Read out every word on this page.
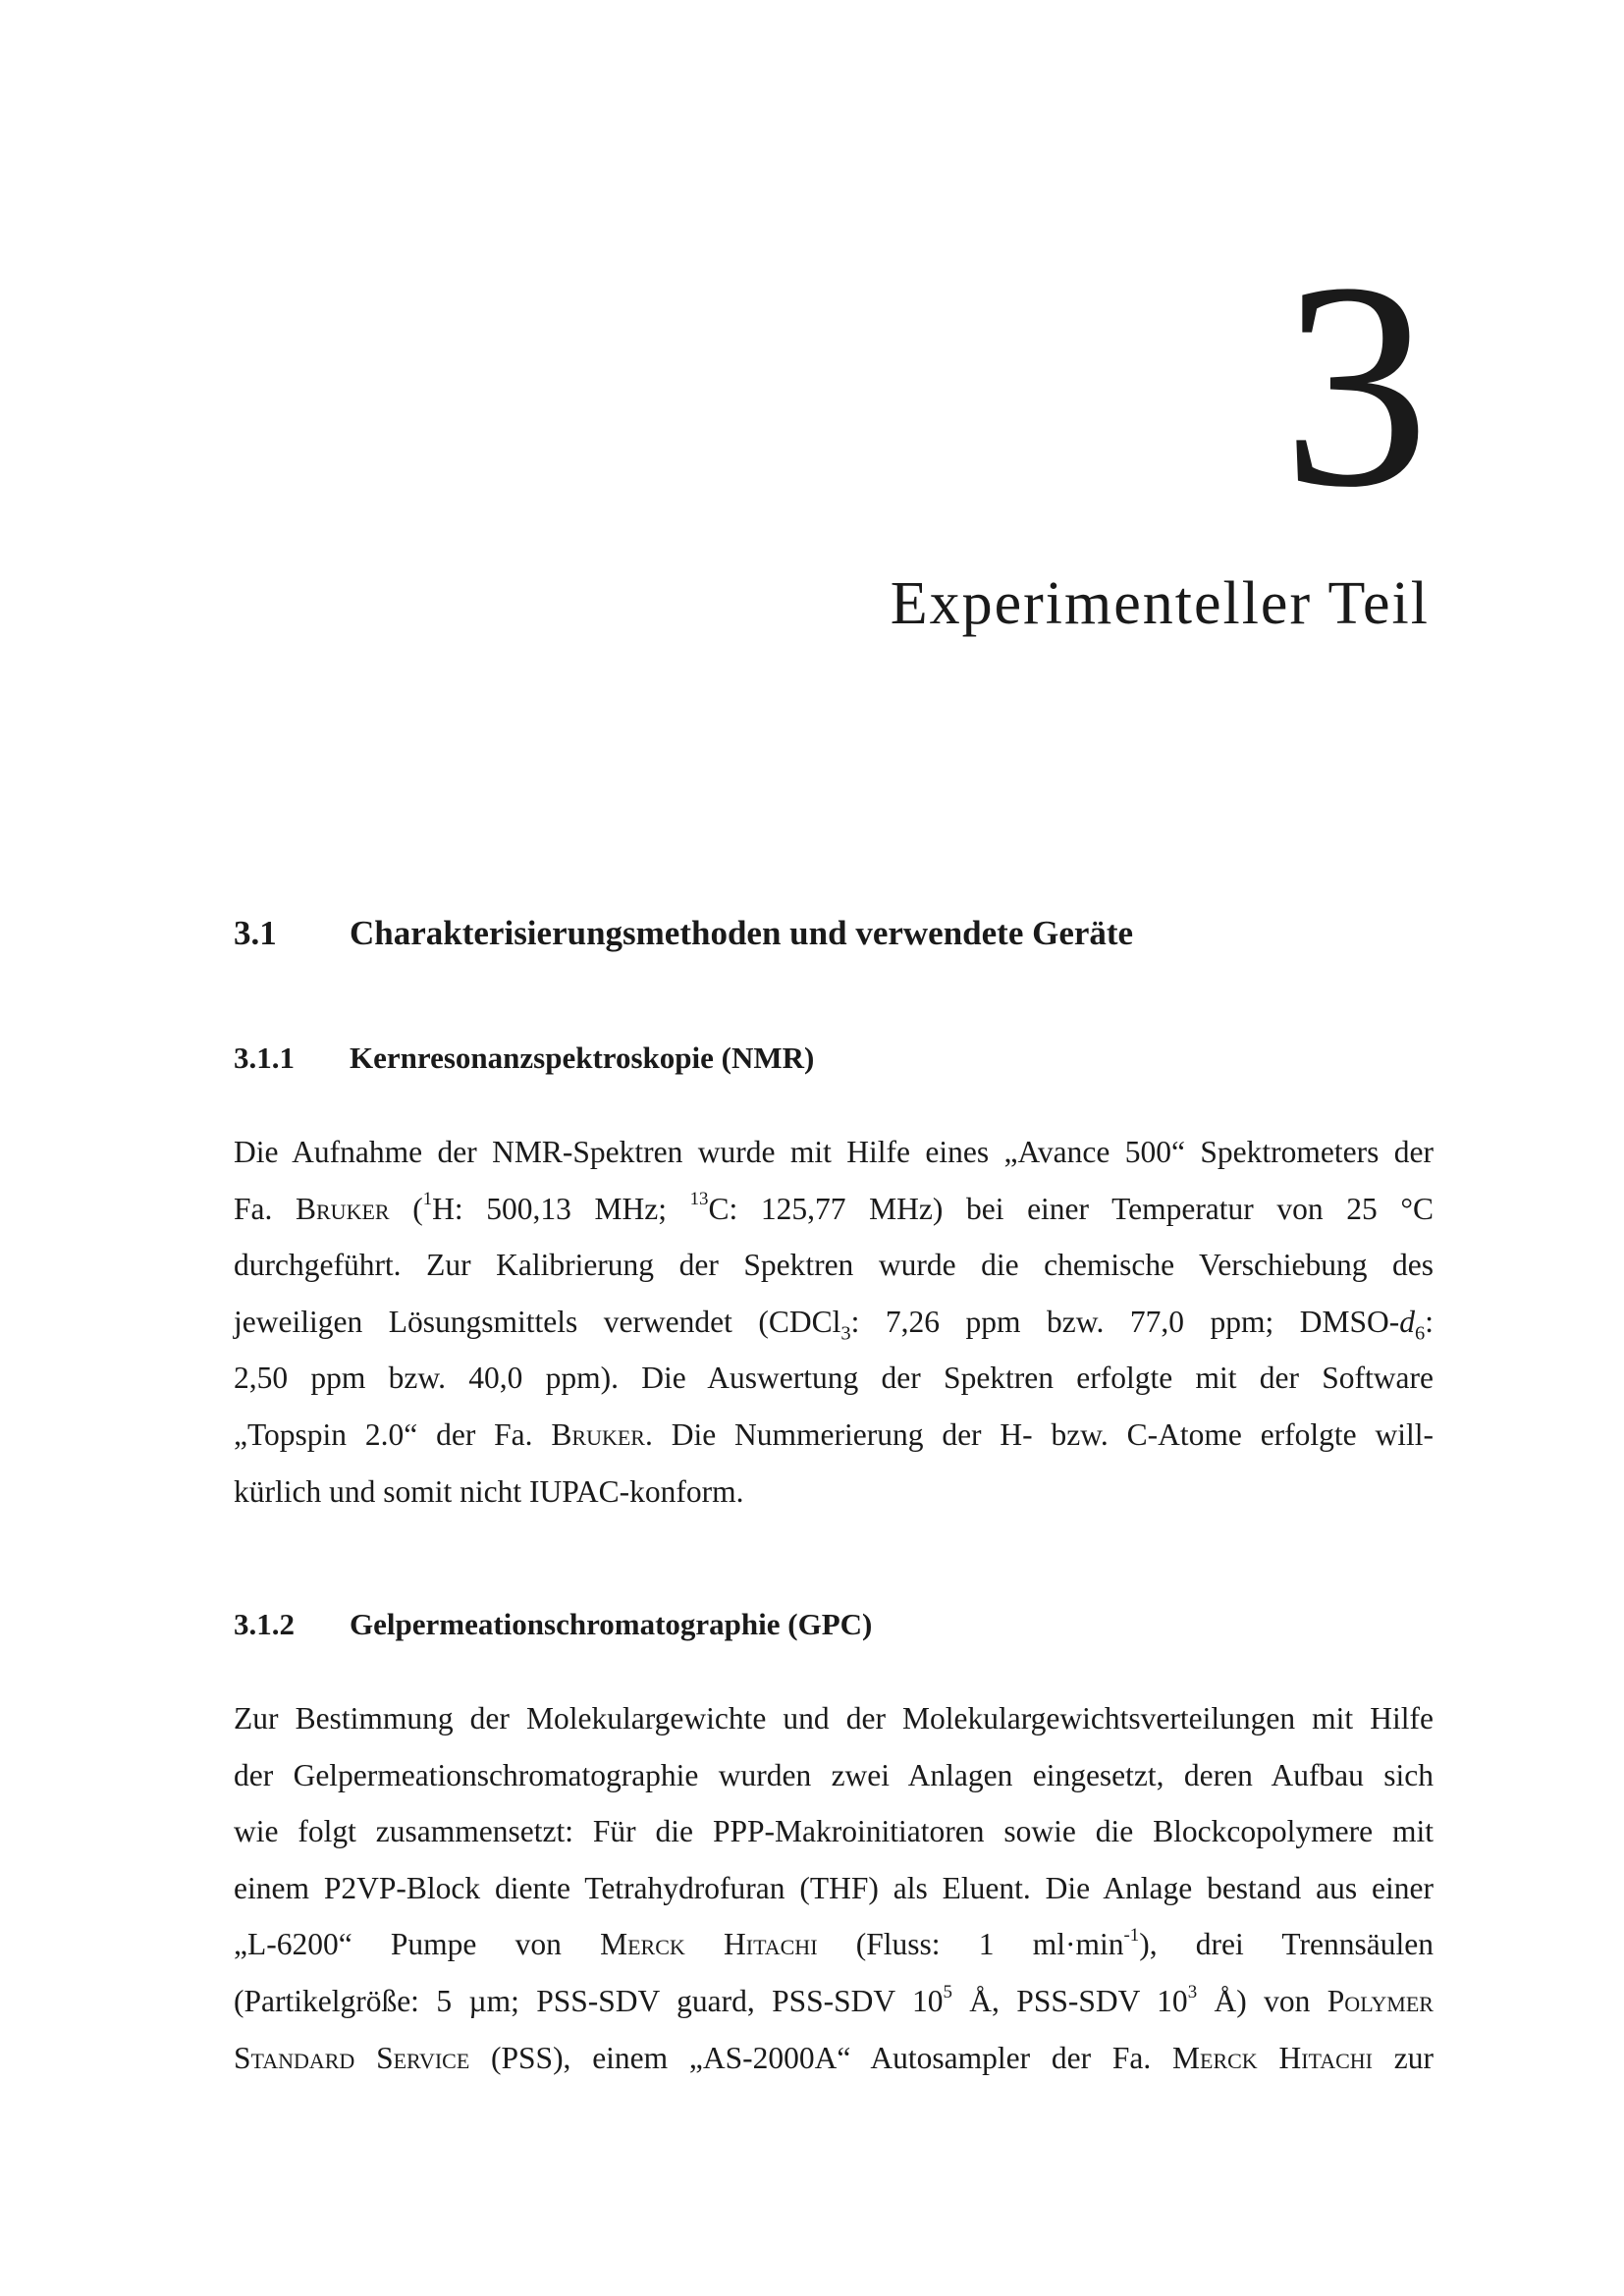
3
Experimenteller Teil
3.1 Charakterisierungsmethoden und verwendete Geräte
3.1.1 Kernresonanzspektroskopie (NMR)
Die Aufnahme der NMR-Spektren wurde mit Hilfe eines „Avance 500“ Spektrometers der
Fa. Bruker ($^1$H: 500,13 MHz; $^{13}$C: 125,77 MHz) bei einer Temperatur von 25 °C
durchgeführt. Zur Kalibrierung der Spektren wurde die chemische Verschiebung des
jeweiligen Lösungsmittels verwendet (CDCl$_3$: 7,26 ppm bzw. 77,0 ppm; DMSO-$d_6$:
2,50 ppm bzw. 40,0 ppm). Die Auswertung der Spektren erfolgte mit der Software
„Topspin 2.0“ der Fa. Bruker. Die Nummerierung der H- bzw. C-Atome erfolgte will-
kürlich und somit nicht IUPAC-konform.
3.1.2 Gelpermeationschromatographie (GPC)
Zur Bestimmung der Molekulargewichte und der Molekulargewichtsverteilungen mit Hilfe
der Gelpermeationschromatographie wurden zwei Anlagen eingesetzt, deren Aufbau sich
wie folgt zusammensetzt: Für die PPP-Makroinitiatoren sowie die Blockcopolymere mit
einem P2VP-Block diente Tetrahydrofuran (THF) als Eluent. Die Anlage bestand aus einer
„L-6200“ Pumpe von Merck Hitachi (Fluss: 1 $ml\cdot\min^{-1}$), drei Trennsäulen
(Partikelgröße: 5 µm; PSS-SDV guard, PSS-SDV $10^5$ Å, PSS-SDV $10^3$ Å) von Polymer
Standard Service (PSS), einem „AS-2000A“ Autosampler der Fa. Merck Hitachi zur
